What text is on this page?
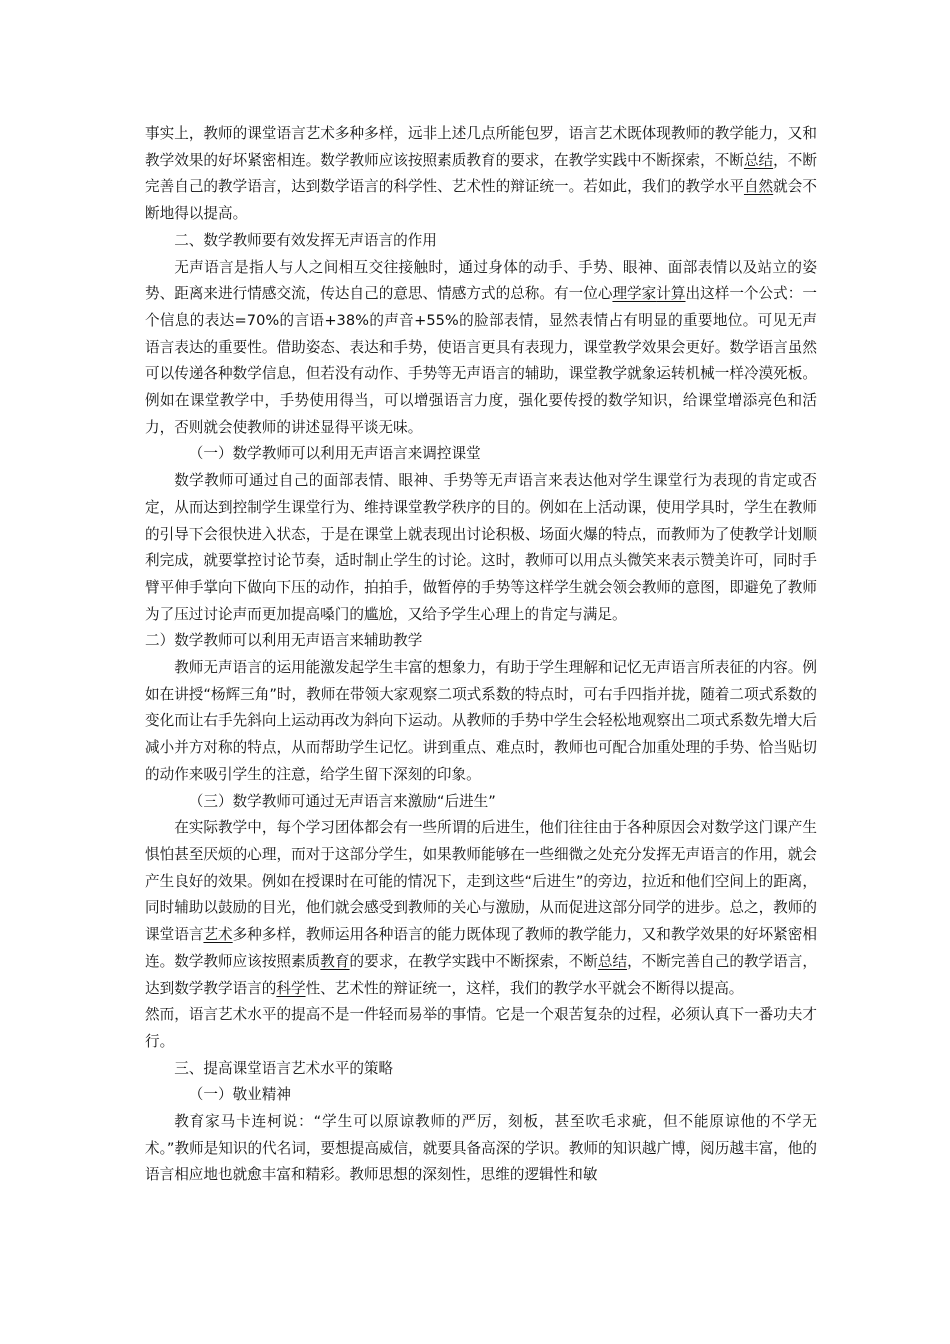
事实上，教师的课堂语言艺术多种多样，远非上述几点所能包罗，语言艺术既体现教师的教学能力，又和教学效果的好坏紧密相连。数学教师应该按照素质教育的要求，在教学实践中不断探索，不断总结，不断完善自己的教学语言，达到数学语言的科学性、艺术性的辩证统一。若如此，我们的教学水平自然就会不断地得以提高。

二、数学教师要有效发挥无声语言的作用

无声语言是指人与人之间相互交往接触时，通过身体的动手、手势、眼神、面部表情以及站立的姿势、距离来进行情感交流，传达自己的意思、情感方式的总称。有一位心理学家计算出这样一个公式：一个信息的表达=70%的言语+38%的声音+55%的脸部表情，显然表情占有明显的重要地位。可见无声语言表达的重要性。借助姿态、表达和手势，使语言更具有表现力，课堂教学效果会更好。数学语言虽然可以传递各种数学信息，但若没有动作、手势等无声语言的辅助，课堂教学就象运转机械一样冷漠死板。例如在课堂教学中，手势使用得当，可以增强语言力度，强化要传授的数学知识，给课堂增添亮色和活力，否则就会使教师的讲述显得平谈无味。

（一）数学教师可以利用无声语言来调控课堂

数学教师可通过自己的面部表情、眼神、手势等无声语言来表达他对学生课堂行为表现的肯定或否定，从而达到控制学生课堂行为、维持课堂教学秩序的目的。例如在上活动课，使用学具时，学生在教师的引导下会很快进入状态，于是在课堂上就表现出讨论积极、场面火爆的特点，而教师为了使教学计划顺利完成，就要掌控讨论节奏，适时制止学生的讨论。这时，教师可以用点头微笑来表示赞美许可，同时手臂平伸手掌向下做向下压的动作，拍拍手，做暂停的手势等这样学生就会领会教师的意图，即避免了教师为了压过讨论声而更加提高嗓门的尴尬，又给予学生心理上的肯定与满足。

二）数学教师可以利用无声语言来辅助教学

教师无声语言的运用能激发起学生丰富的想象力，有助于学生理解和记忆无声语言所表征的内容。例如在讲授“杨辉三角”时，教师在带领大家观察二项式系数的特点时，可右手四指并拢，随着二项式系数的变化而让右手先斜向上运动再改为斜向下运动。从教师的手势中学生会轻松地观察出二项式系数先增大后减小并方对称的特点，从而帮助学生记忆。讲到重点、难点时，教师也可配合加重处理的手势、恰当贴切的动作来吸引学生的注意，给学生留下深刻的印象。

（三）数学教师可通过无声语言来激励“后进生”

在实际教学中，每个学习团体都会有一些所谓的后进生，他们往往由于各种原因会对数学这门课产生惧怕甚至厌烦的心理，而对于这部分学生，如果教师能够在一些细微之处充分发挥无声语言的作用，就会产生良好的效果。例如在授课时在可能的情况下，走到这些“后进生”的旁边，拉近和他们空间上的距离，同时辅助以鼓励的目光，他们就会感受到教师的关心与激励，从而促进这部分同学的进步。总之，教师的课堂语言艺术多种多样，教师运用各种语言的能力既体现了教师的教学能力，又和教学效果的好坏紧密相连。数学教师应该按照素质教育的要求，在教学实践中不断探索，不断总结，不断完善自己的教学语言，达到数学教学语言的科学性、艺术性的辩证统一，这样，我们的教学水平就会不断得以提高。

然而，语言艺术水平的提高不是一件轻而易举的事情。它是一个艰苦复杂的过程，必须认真下一番功夫才行。

三、提高课堂语言艺术水平的策略

（一）敬业精神

教育家马卡连柯说：“学生可以原谅教师的严厉，刻板，甚至吹毛求疵，但不能原谅他的不学无术。”教师是知识的代名词，要想提高威信，就要具备高深的学识。教师的知识越广博，阅历越丰富，他的语言相应地也就愈丰富和精彩。教师思想的深刻性，思维的逻辑性和敏
